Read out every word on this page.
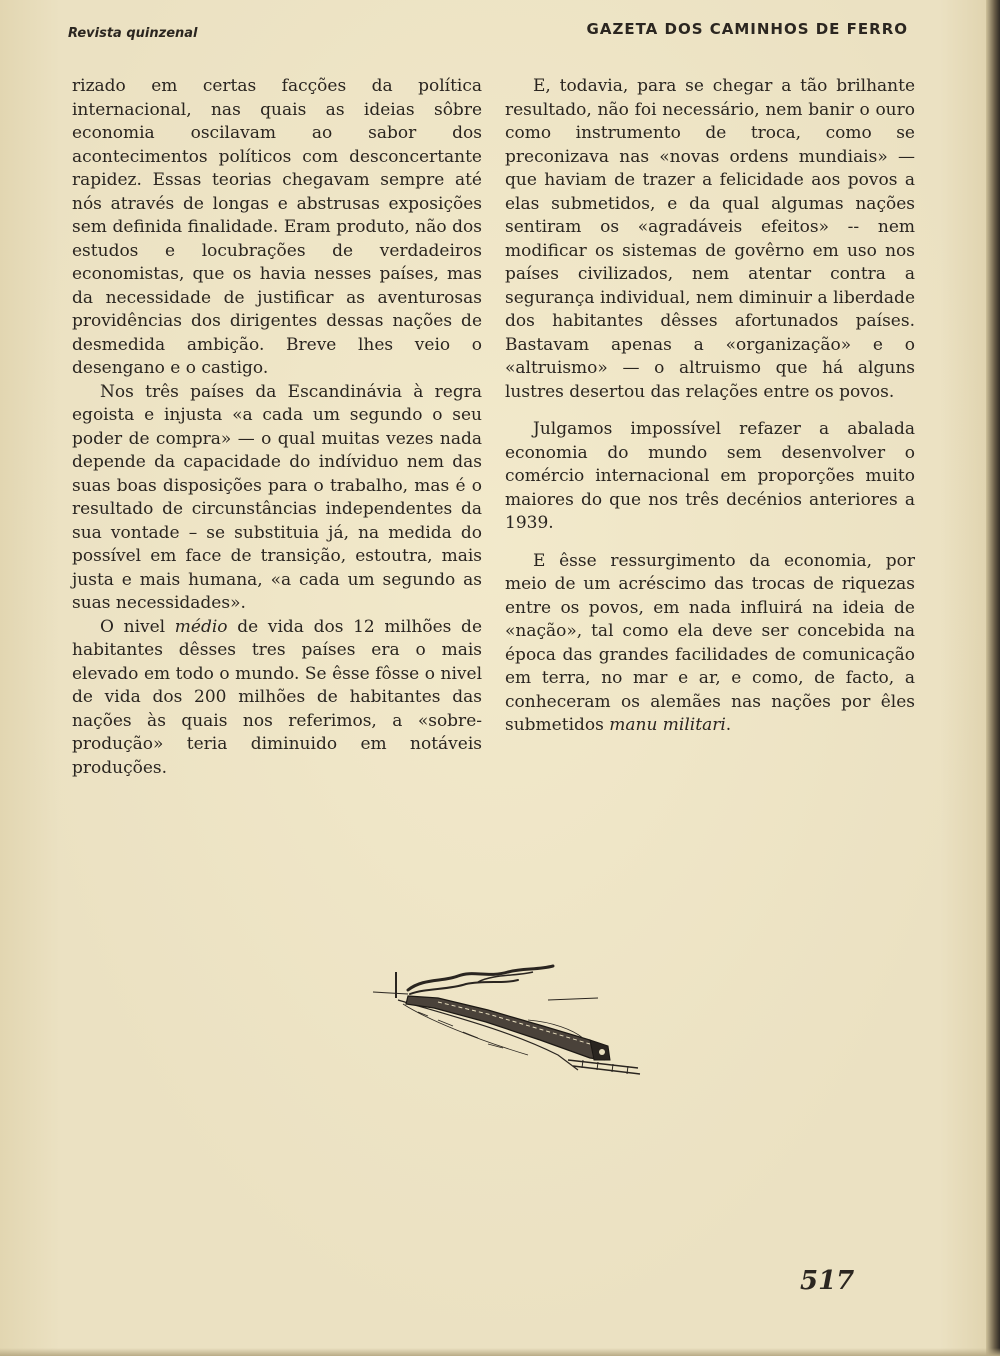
Revista quinzenal	GAZETA DOS CAMINHOS DE FERRO

rizado em certas facções da política internacional, nas quais as ideias sôbre economia oscilavam ao sabor dos acontecimentos políticos com desconcertante rapidez. Essas teorias chegavam sempre até nós através de longas e abstrusas exposições sem definida finalidade. Eram produto, não dos estudos e locubrações de verdadeiros economistas, que os havia nesses países, mas da necessidade de justificar as aventurosas providências dos dirigentes dessas nações de desmedida ambição. Breve lhes veio o desengano e o castigo.

Nos três países da Escandinávia à regra egoista e injusta «a cada um segundo o seu poder de compra» — o qual muitas vezes nada depende da capacidade do indíviduo nem das suas boas disposições para o trabalho, mas é o resultado de circunstâncias independentes da sua vontade – se substituia já, na medida do possível em face de transição, estoutra, mais justa e mais humana, «a cada um segundo as suas necessidades».

O nivel médio de vida dos 12 milhões de habitantes dêsses tres países era o mais elevado em todo o mundo. Se êsse fôsse o nivel de vida dos 200 milhões de habitantes das nações às quais nos referimos, a «sobre-produção» teria diminuido em notáveis produções.

E, todavia, para se chegar a tão brilhante resultado, não foi necessário, nem banir o ouro como instrumento de troca, como se preconizava nas «novas ordens mundiais» — que haviam de trazer a felicidade aos povos a elas submetidos, e da qual algumas nações sentiram os «agradáveis efeitos» -- nem modificar os sistemas de govêrno em uso nos países civilizados, nem atentar contra a segurança individual, nem diminuir a liberdade dos habitantes dêsses afortunados países. Bastavam apenas a «organização» e o «altruismo» — o altruismo que há alguns lustres desertou das relações entre os povos.

Julgamos impossível refazer a abalada economia do mundo sem desenvolver o comércio internacional em proporções muito maiores do que nos três decénios anteriores a 1939.

E êsse ressurgimento da economia, por meio de um acréscimo das trocas de riquezas entre os povos, em nada influirá na ideia de «nação», tal como ela deve ser concebida na época das grandes facilidades de comunicação em terra, no mar e ar, e como, de facto, a conheceram os alemães nas nações por êles submetidos manu militari.

517
